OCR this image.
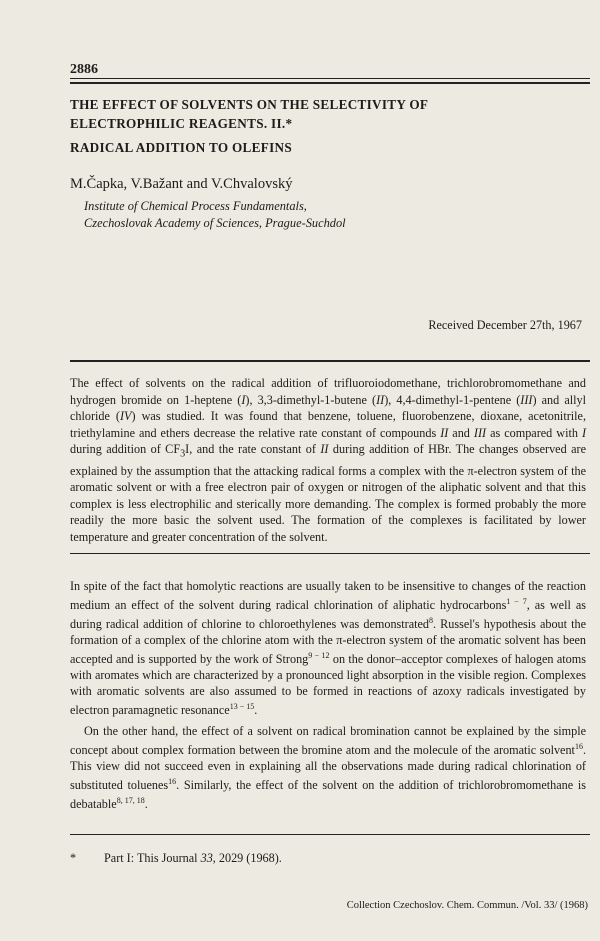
2886
THE EFFECT OF SOLVENTS ON THE SELECTIVITY OF ELECTROPHILIC REAGENTS. II.*
RADICAL ADDITION TO OLEFINS
M.Čapka, V.Bažant and V.Chvalovský
Institute of Chemical Process Fundamentals,
Czechoslovak Academy of Sciences, Prague-Suchdol
Received December 27th, 1967
The effect of solvents on the radical addition of trifluoroiodomethane, trichlorobromomethane and hydrogen bromide on 1-heptene (I), 3,3-dimethyl-1-butene (II), 4,4-dimethyl-1-pentene (III) and allyl chloride (IV) was studied. It was found that benzene, toluene, fluorobenzene, dioxane, acetonitrile, triethylamine and ethers decrease the relative rate constant of compounds II and III as compared with I during addition of $CF_3I$, and the rate constant of II during addition of HBr. The changes observed are explained by the assumption that the attacking radical forms a complex with the π-electron system of the aromatic solvent or with a free electron pair of oxygen or nitrogen of the aliphatic solvent and that this complex is less electrophilic and sterically more demanding. The complex is formed probably the more readily the more basic the solvent used. The formation of the complexes is facilitated by lower temperature and greater concentration of the solvent.
In spite of the fact that homolytic reactions are usually taken to be insensitive to changes of the reaction medium an effect of the solvent during radical chlorination of aliphatic hydrocarbons$^{1 - 7}$, as well as during radical addition of chlorine to chloroethylenes was demonstrated$^8$. Russel's hypothesis about the formation of a complex of the chlorine atom with the π-electron system of the aromatic solvent has been accepted and is supported by the work of Strong$^{9 - 12}$ on the donor–acceptor complexes of halogen atoms with aromates which are characterized by a pronounced light absorption in the visible region. Complexes with aromatic solvents are also assumed to be formed in reactions of azoxy radicals investigated by electron paramagnetic resonance$^{13 - 15}$.
On the other hand, the effect of a solvent on radical bromination cannot be explained by the simple concept about complex formation between the bromine atom and the molecule of the aromatic solvent$^{16}$. This view did not succeed even in explaining all the observations made during radical chlorination of substituted toluenes$^{16}$. Similarly, the effect of the solvent on the addition of trichlorobromomethane is debatable$^{8, 17, 18}$.
* Part I: This Journal 33, 2029 (1968).
Collection Czechoslov. Chem. Commun. /Vol. 33/ (1968)
